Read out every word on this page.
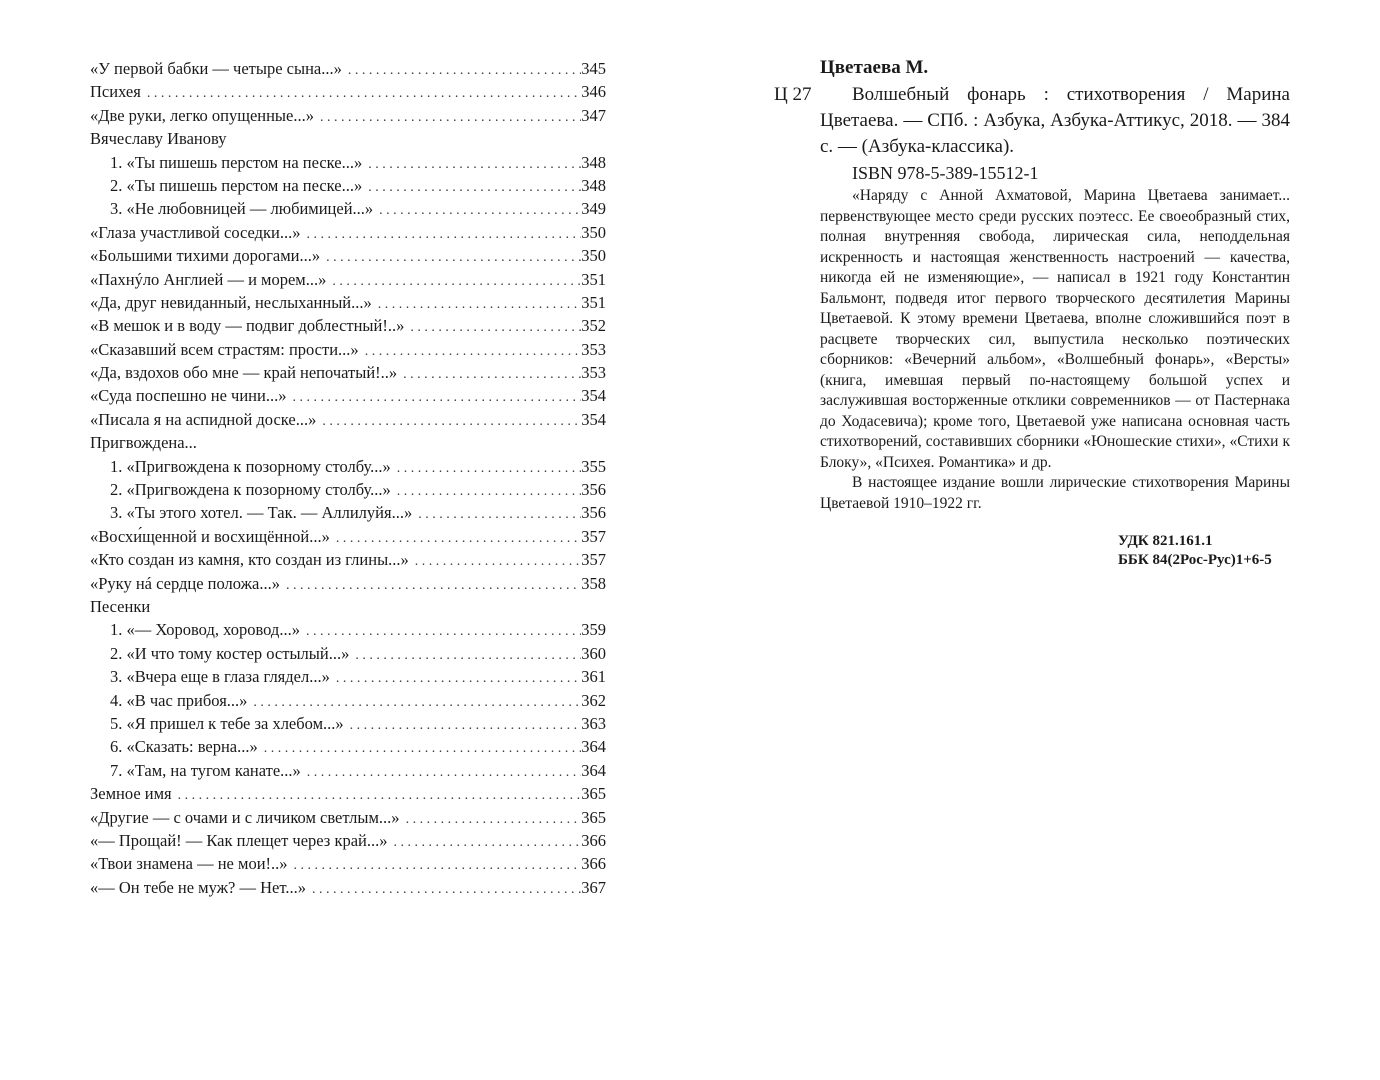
«У первой бабки — четыре сына...» . . .	345
Психея . . .	346
«Две руки, легко опущенные...» . . .	347
Вячеславу Иванову
1. «Ты пишешь перстом на песке...» . . .	348
2. «Ты пишешь перстом на песке...» . . .	348
3. «Не любовницей — любимицей...» . . .	349
«Глаза участливой соседки...» . . .	350
«Большими тихими дорогами...» . . .	350
«Пахнýло Англией — и морем...» . . .	351
«Да, друг невиданный, неслыханный...» . . .	351
«В мешок и в воду — подвиг доблестный!..» . . .	352
«Сказавший всем страстям: прости...» . . .	353
«Да, вздохов обо мне — край непочатый!..» . . .	353
«Суда поспешно не чини...» . . .	354
«Писала я на аспидной доске...» . . .	354
Пригвождена...
1. «Пригвождена к позорному столбу...» . . .	355
2. «Пригвождена к позорному столбу...» . . .	356
3. «Ты этого хотел. — Так. — Аллилуйя...» . . .	356
«Восхи́щенной и восхищённой...» . . .	357
«Кто создан из камня, кто создан из глины...» . . .	357
«Руку нá сердце положа...» . . .	358
Песенки
1. «— Хоровод, хоровод...» . . .	359
2. «И что тому костер остылый...» . . .	360
3. «Вчера еще в глаза глядел...» . . .	361
4. «В час прибоя...» . . .	362
5. «Я пришел к тебе за хлебом...» . . .	363
6. «Сказать: верна...» . . .	364
7. «Там, на тугом канате...» . . .	364
Земное имя . . .	365
«Другие — с очами и с личиком светлым...» . . .	365
«— Прощай! — Как плещет через край...» . . .	366
«Твои знамена — не мои!..» . . .	366
«— Он тебе не муж? — Нет...» . . .	367
Цветаева М.
Ц 27	Волшебный фонарь : стихотворения / Марина Цветаева. — СПб. : Азбука, Азбука-Аттикус, 2018. — 384 с. — (Азбука-классика).

ISBN 978-5-389-15512-1

«Наряду с Анной Ахматовой, Марина Цветаева занимает... первенствующее место среди русских поэтесс. Ее своеобразный стих, полная внутренняя свобода, лирическая сила, неподдельная искренность и настоящая женственность настроений — качества, никогда ей не изменяющие», — написал в 1921 году Константин Бальмонт, подведя итог первого творческого десятилетия Марины Цветаевой. К этому времени Цветаева, вполне сложившийся поэт в расцвете творческих сил, выпустила несколько поэтических сборников: «Вечерний альбом», «Волшебный фонарь», «Версты» (книга, имевшая первый по-настоящему большой успех и заслужившая восторженные отклики современников — от Пастернака до Ходасевича); кроме того, Цветаевой уже написана основная часть стихотворений, составивших сборники «Юношеские стихи», «Стихи к Блоку», «Психея. Романтика» и др.

В настоящее издание вошли лирические стихотворения Марины Цветаевой 1910–1922 гг.

УДК 821.161.1
ББК 84(2Рос-Рус)1+6-5
